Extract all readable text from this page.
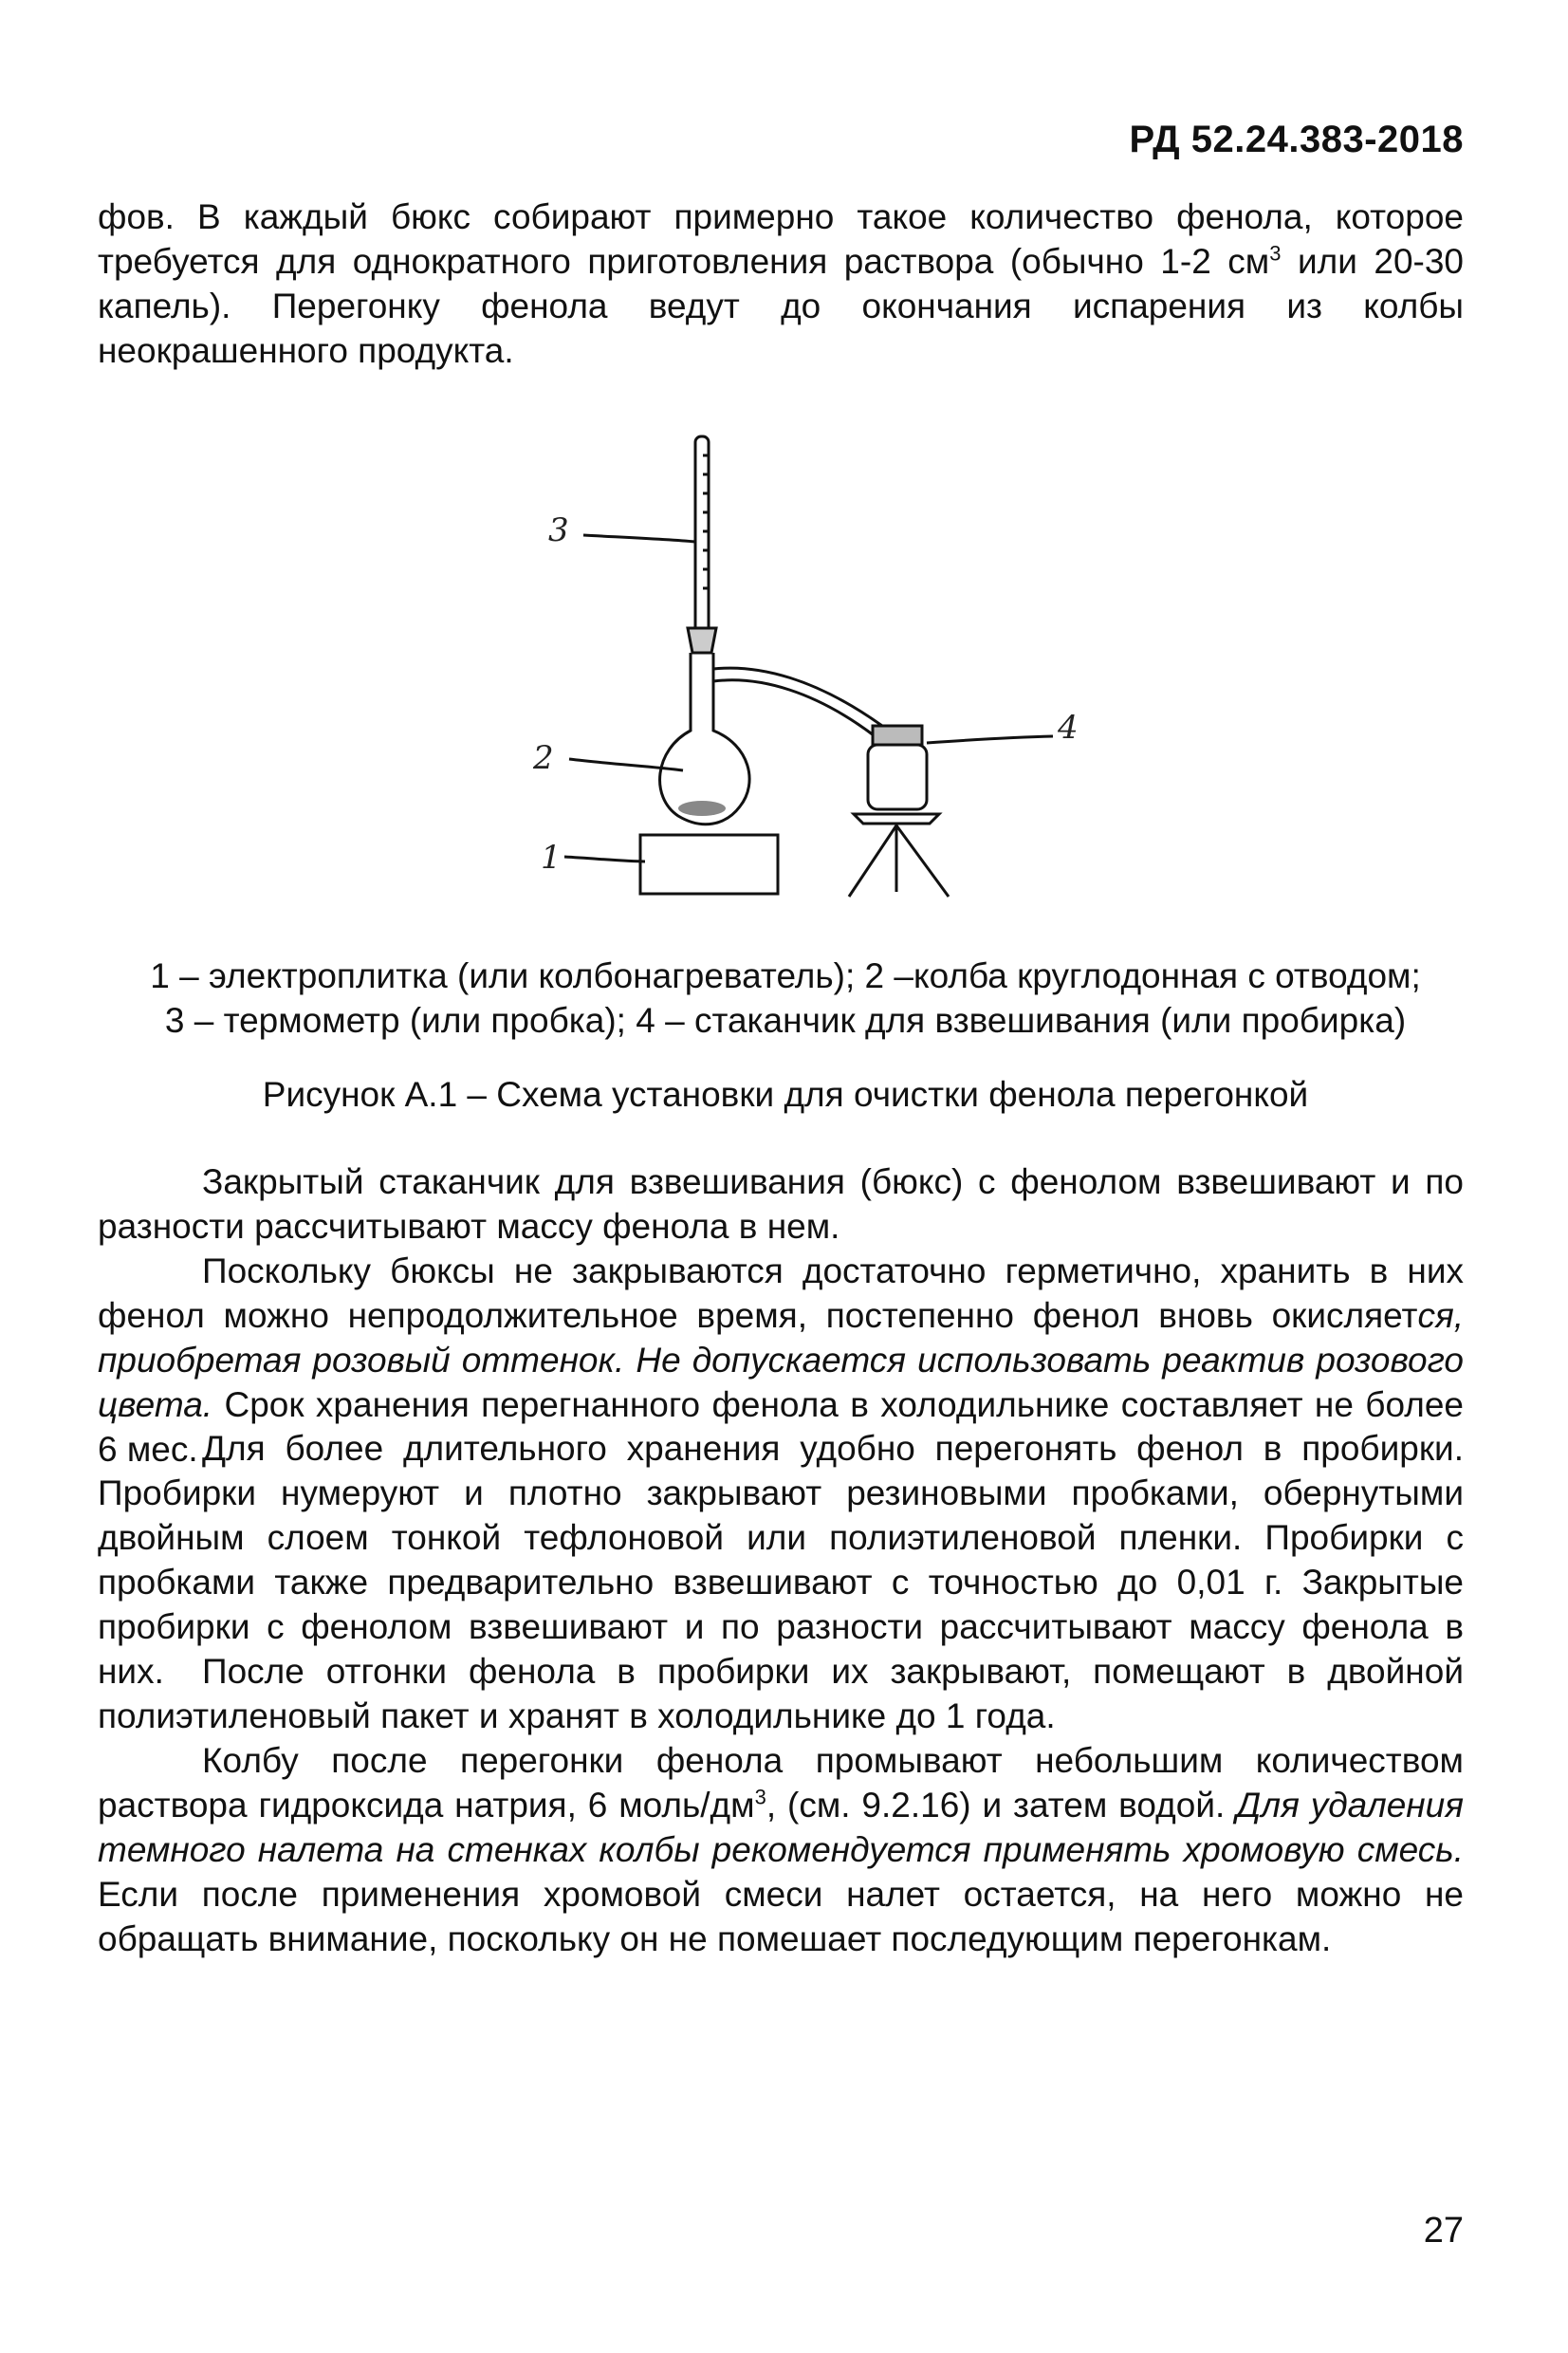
РД 52.24.383-2018

фов. В каждый бюкс собирают примерно такое количество фенола, которое требуется для однократного приготовления раствора (обычно 1-2 $см^3$ или 20-30 капель). Перегонку фенола ведут до окончания испарения из колбы неокрашенного продукта.

3
2
1
4
1 – электроплитка (или колбонагреватель); 2 –колба круглодонная с отводом;
3 – термометр (или пробка); 4 – стаканчик для взвешивания (или пробирка)
Рисунок А.1 – Схема установки для очистки фенола перегонкой

Закрытый стаканчик для взвешивания (бюкс) с фенолом взвешивают и по разности рассчитывают массу фенола в нем.

Поскольку бюксы не закрываются достаточно герметично, хранить в них фенол можно непродолжительное время, постепенно фенол вновь окисляется, приобретая розовый оттенок. Не допускается использовать реактив розового цвета. Срок хранения перегнанного фенола в холодильнике составляет не более 6 мес. Для более длительного хранения удобно перегонять фенол в пробирки. Пробирки нумеруют и плотно закрывают резиновыми пробками, обернутыми двойным слоем тонкой тефлоновой или полиэтиленовой пленки. Пробирки с пробками также предварительно взвешивают с точностью до 0,01 г. Закрытые пробирки с фенолом взвешивают и по разности рассчитывают массу фенола в них.	После отгонки фенола в пробирки их закрывают, помещают в двойной полиэтиленовый пакет и хранят в холодильнике до 1 года.

Колбу после перегонки фенола промывают небольшим количеством раствора гидроксида натрия, 6 моль/$дм^3$, (см. 9.2.16) и затем водой. Для удаления темного налета на стенках колбы рекомендуется применять хромовую смесь. Если после применения хромовой смеси налет остается, на него можно не обращать внимание, поскольку он не помешает последующим перегонкам.

27
